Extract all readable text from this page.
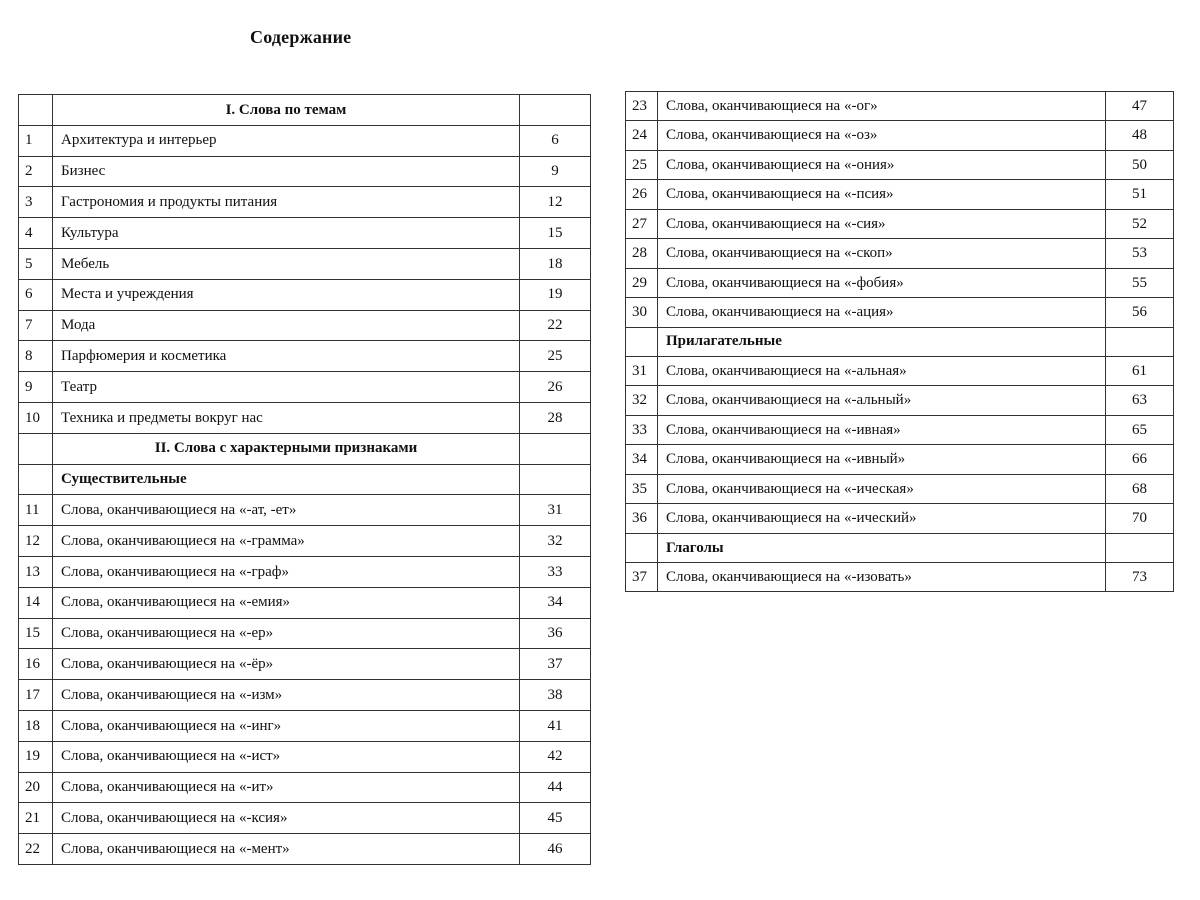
Содержание
	I. Слова по темам	
1	Архитектура и интерьер	6
2	Бизнес	9
3	Гастрономия и продукты питания	12
4	Культура	15
5	Мебель	18
6	Места и учреждения	19
7	Мода	22
8	Парфюмерия и косметика	25
9	Театр	26
10	Техника и предметы вокруг нас	28
	II. Слова с характерными признаками	
	Существительные	
11	Слова, оканчивающиеся на «-ат, -ет»	31
12	Слова, оканчивающиеся на «-грамма»	32
13	Слова, оканчивающиеся на «-граф»	33
14	Слова, оканчивающиеся на «-емия»	34
15	Слова, оканчивающиеся на «-ер»	36
16	Слова, оканчивающиеся на «-ёр»	37
17	Слова, оканчивающиеся на «-изм»	38
18	Слова, оканчивающиеся на «-инг»	41
19	Слова, оканчивающиеся на «-ист»	42
20	Слова, оканчивающиеся на «-ит»	44
21	Слова, оканчивающиеся на «-ксия»	45
22	Слова, оканчивающиеся на «-мент»	46
23	Слова, оканчивающиеся на «-ог»	47
24	Слова, оканчивающиеся на «-оз»	48
25	Слова, оканчивающиеся на «-ония»	50
26	Слова, оканчивающиеся на «-псия»	51
27	Слова, оканчивающиеся на «-сия»	52
28	Слова, оканчивающиеся на «-скоп»	53
29	Слова, оканчивающиеся на «-фобия»	55
30	Слова, оканчивающиеся на «-ация»	56
	Прилагательные	
31	Слова, оканчивающиеся на «-альная»	61
32	Слова, оканчивающиеся на «-альный»	63
33	Слова, оканчивающиеся на «-ивная»	65
34	Слова, оканчивающиеся на «-ивный»	66
35	Слова, оканчивающиеся на «-ическая»	68
36	Слова, оканчивающиеся на «-ический»	70
	Глаголы	
37	Слова, оканчивающиеся на «-изовать»	73
